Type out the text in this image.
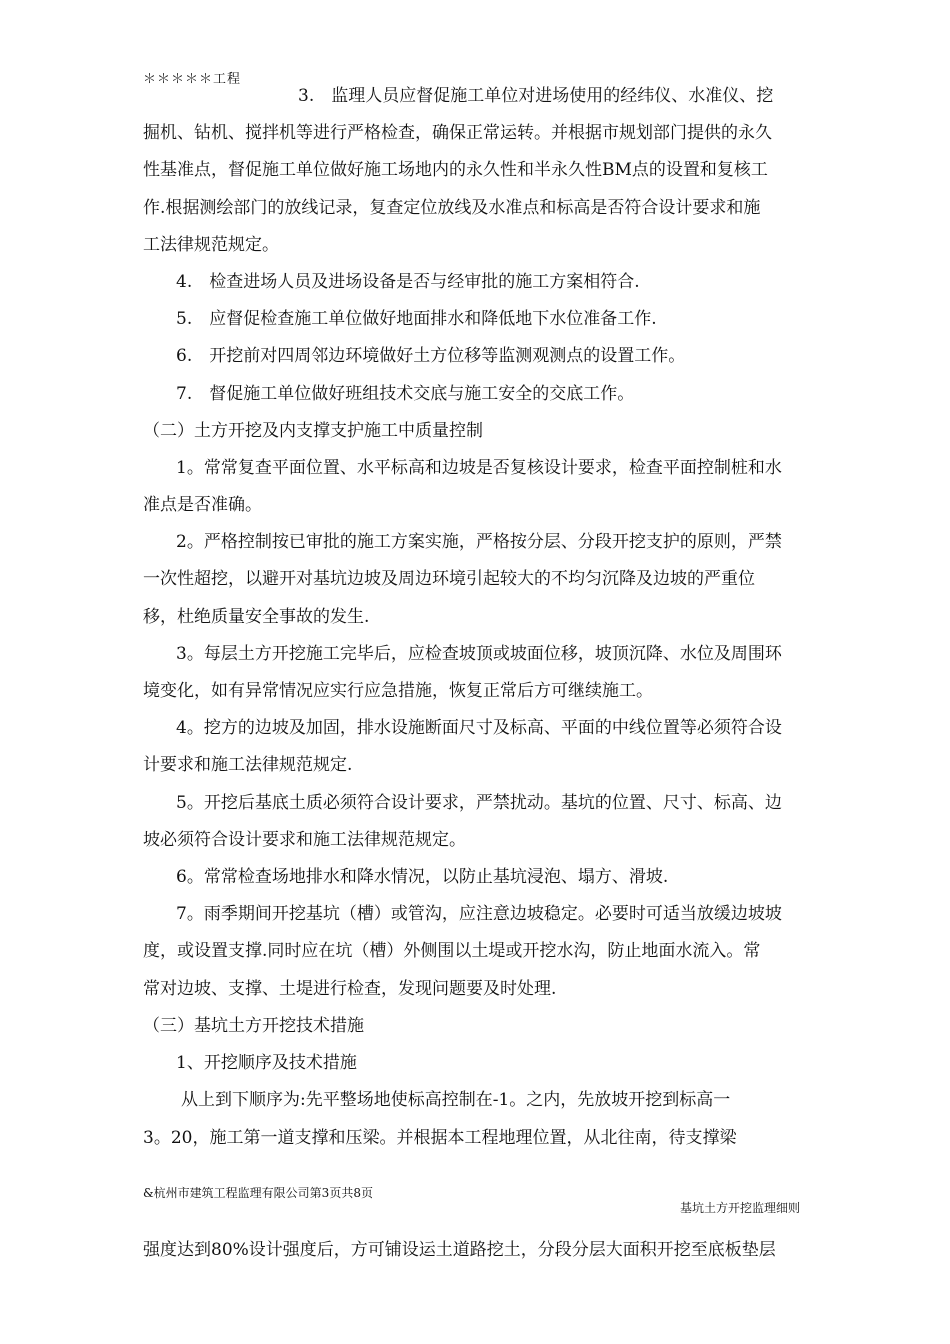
＊＊＊＊＊工程
3.　监理人员应督促施工单位对进场使用的经纬仪、水准仪、挖
掘机、钻机、搅拌机等进行严格检查，确保正常运转。并根据市规划部门提供的永久
性基准点，督促施工单位做好施工场地内的永久性和半永久性BM点的设置和复核工
作.根据测绘部门的放线记录，复查定位放线及水准点和标高是否符合设计要求和施
工法律规范规定。
4.　检查进场人员及进场设备是否与经审批的施工方案相符合.
5.　应督促检查施工单位做好地面排水和降低地下水位准备工作.
6.　开挖前对四周邻边环境做好土方位移等监测观测点的设置工作。
7.　督促施工单位做好班组技术交底与施工安全的交底工作。
（二）土方开挖及内支撑支护施工中质量控制
1。常常复查平面位置、水平标高和边坡是否复核设计要求，检查平面控制桩和水
准点是否准确。
2。严格控制按已审批的施工方案实施，严格按分层、分段开挖支护的原则，严禁
一次性超挖，以避开对基坑边坡及周边环境引起较大的不均匀沉降及边坡的严重位
移，杜绝质量安全事故的发生.
3。每层土方开挖施工完毕后，应检查坡顶或坡面位移，坡顶沉降、水位及周围环
境变化，如有异常情况应实行应急措施，恢复正常后方可继续施工。
4。挖方的边坡及加固，排水设施断面尺寸及标高、平面的中线位置等必须符合设
计要求和施工法律规范规定.
5。开挖后基底土质必须符合设计要求，严禁扰动。基坑的位置、尺寸、标高、边
坡必须符合设计要求和施工法律规范规定。
6。常常检查场地排水和降水情况，以防止基坑浸泡、塌方、滑坡.
7。雨季期间开挖基坑（槽）或管沟，应注意边坡稳定。必要时可适当放缓边坡坡
度，或设置支撑.同时应在坑（槽）外侧围以土堤或开挖水沟，防止地面水流入。常
常对边坡、支撑、土堤进行检查，发现问题要及时处理.
（三）基坑土方开挖技术措施
1、开挖顺序及技术措施
从上到下顺序为:先平整场地使标高控制在-1。之内，先放坡开挖到标高一
3。20，施工第一道支撑和压梁。并根据本工程地理位置，从北往南，待支撑梁
强度达到80%设计强度后，方可铺设运土道路挖土，分段分层大面积开挖至底板垫层
&杭州市建筑工程监理有限公司第3页共8页
基坑土方开挖监理细则
